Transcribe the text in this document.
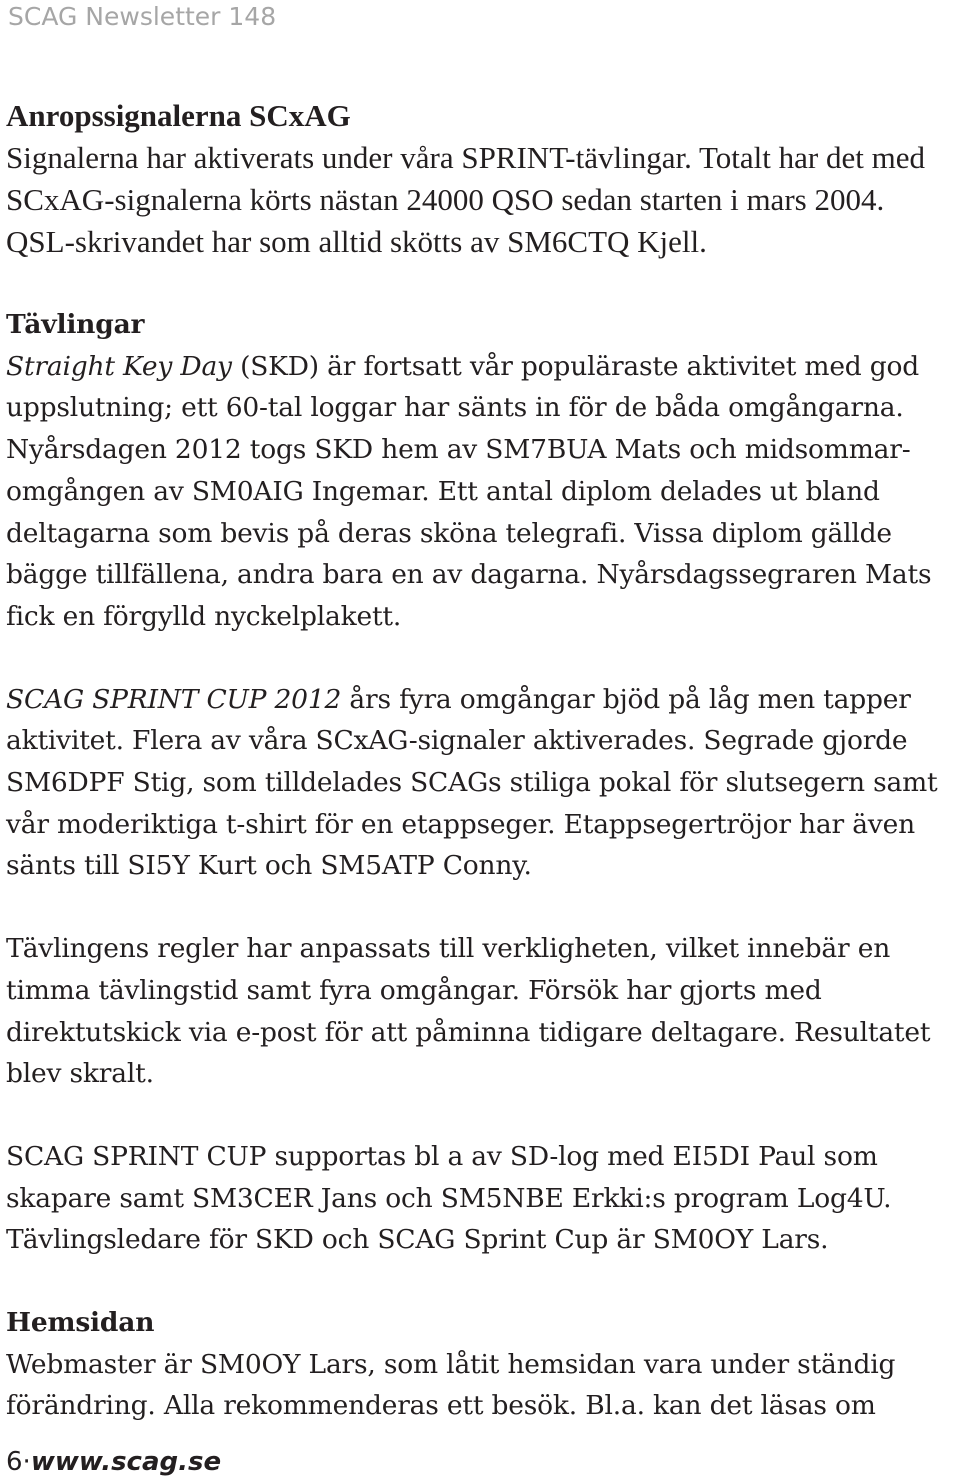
SCAG Newsletter 148
Anropssignalerna SCxAG

Signalerna har aktiverats under våra SPRINT-tävlingar. Totalt har det med SCxAG-signalerna körts nästan 24000 QSO sedan starten i mars 2004. QSL-skrivandet har som alltid skötts av SM6CTQ Kjell.

Tävlingar

Straight Key Day (SKD) är fortsatt vår populäraste aktivitet med god uppslutning; ett 60-tal loggar har sänts in för de båda omgångarna. Nyårsdagen 2012 togs SKD hem av SM7BUA Mats och midsommar-omgången av SM0AIG Ingemar. Ett antal diplom delades ut bland deltagarna som bevis på deras sköna telegrafi. Vissa diplom gällde bägge tillfällena, andra bara en av dagarna. Nyårsdagssegraren Mats fick en förgylld nyckelplakett.

SCAG SPRINT CUP 2012 års fyra omgångar bjöd på låg men tapper aktivitet. Flera av våra SCxAG-signaler aktiverades. Segrade gjorde SM6DPF Stig, som tilldelades SCAGs stiliga pokal för slutsegern samt vår moderiktiga t-shirt för en etappseger. Etappsegertröjor har även sänts till SI5Y Kurt och SM5ATP Conny.

Tävlingens regler har anpassats till verkligheten, vilket innebär en timma tävlingstid samt fyra omgångar. Försök har gjorts med direktutskick via e-post för att påminna tidigare deltagare. Resultatet blev skralt.

SCAG SPRINT CUP supportas bl a av SD-log med EI5DI Paul som skapare samt SM3CER Jans och SM5NBE Erkki:s program Log4U. Tävlingsledare för SKD och SCAG Sprint Cup är SM0OY Lars.

Hemsidan

Webmaster är SM0OY Lars, som låtit hemsidan vara under ständig förändring. Alla rekommenderas ett besök. Bl.a. kan det läsas om

6·www.scag.se
